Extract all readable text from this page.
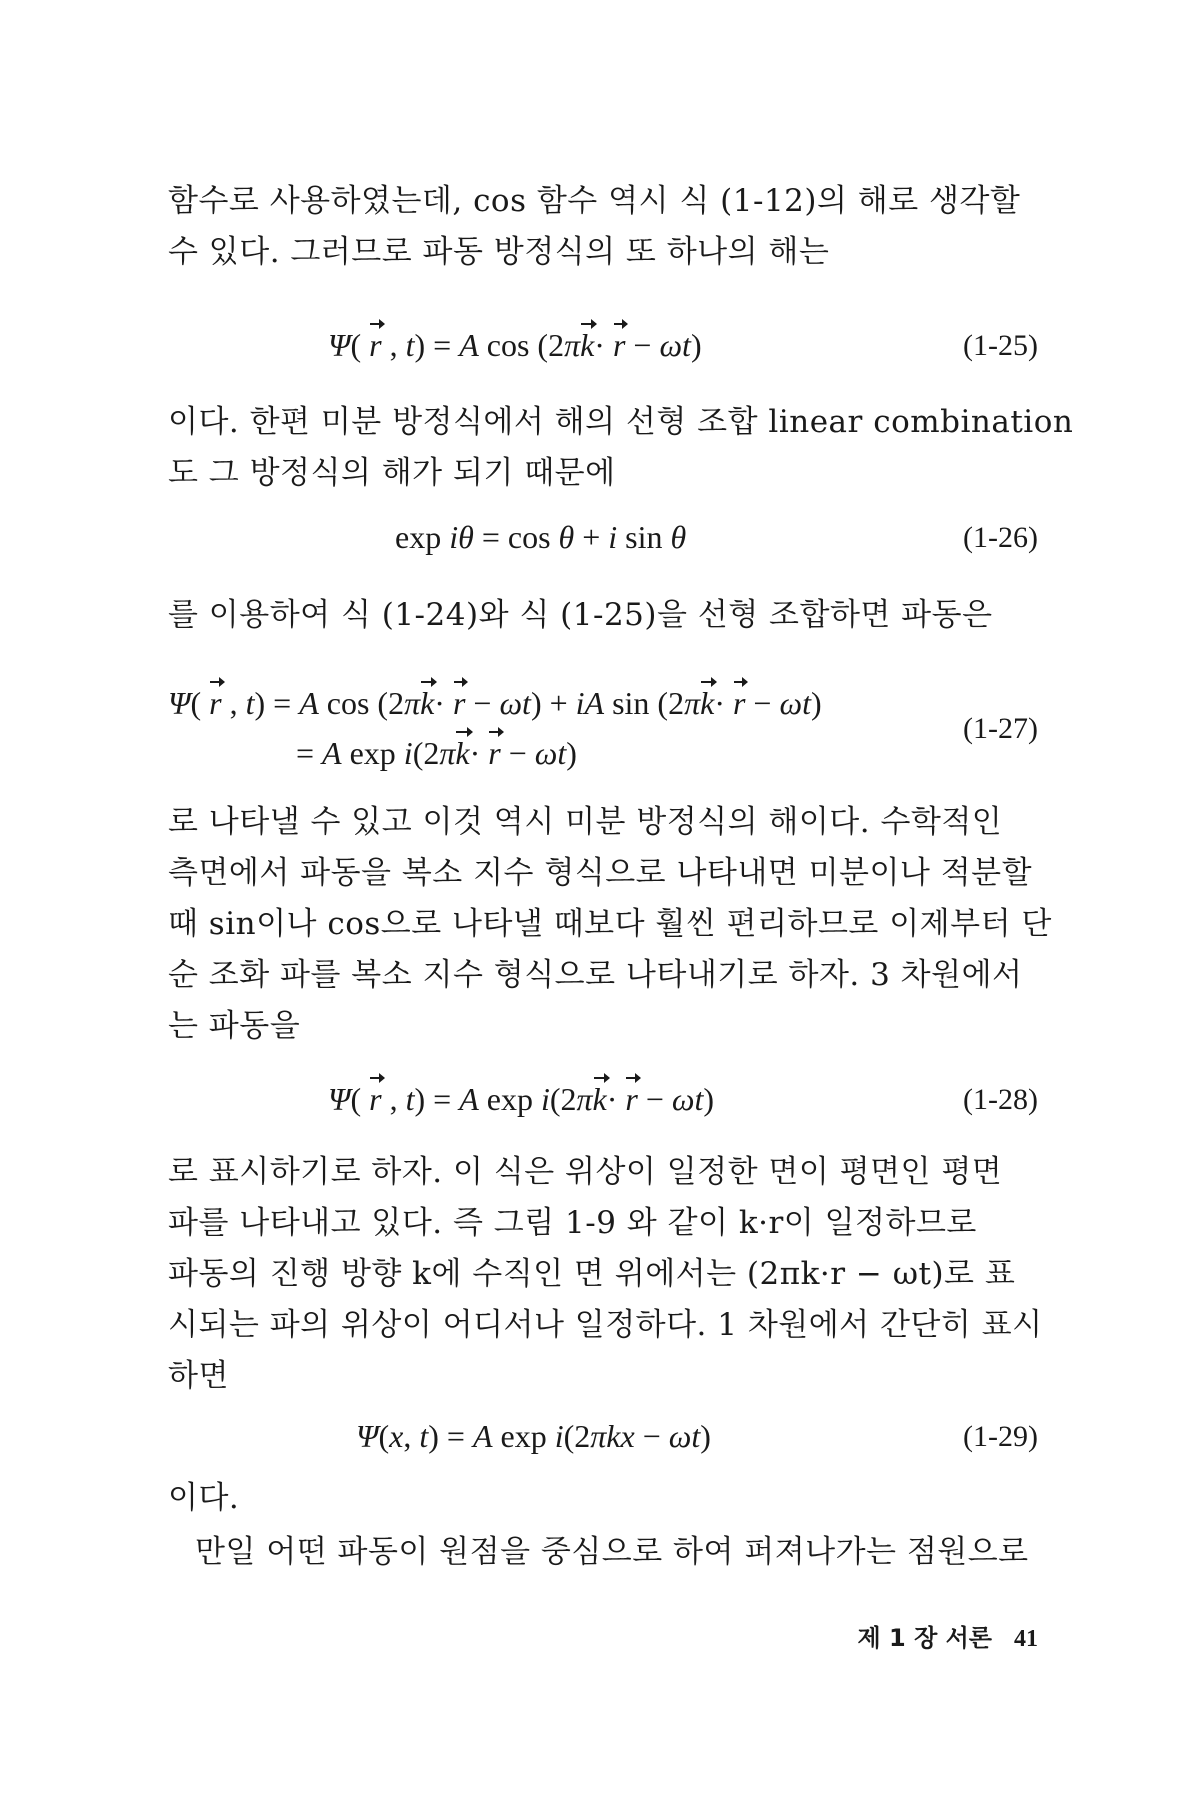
함수로 사용하였는데, cos 함수 역시 식 (1-12)의 해로 생각할
수 있다. 그러므로 파동 방정식의 또 하나의 해는
Ψ( r , t) = A cos (2πk· r − ωt)	(1-25)
이다. 한편 미분 방정식에서 해의 선형 조합 linear combination
도 그 방정식의 해가 되기 때문에
exp iθ = cos θ + i sin θ	(1-26)
를 이용하여 식 (1-24)와 식 (1-25)을 선형 조합하면 파동은
Ψ( r , t) = A cos (2πk· r − ωt) + iA sin (2πk· r − ωt)
= A exp i(2πk· r − ωt)
(1-27)
로 나타낼 수 있고 이것 역시 미분 방정식의 해이다. 수학적인
측면에서 파동을 복소 지수 형식으로 나타내면 미분이나 적분할
때 sin이나 cos으로 나타낼 때보다 훨씬 편리하므로 이제부터 단
순 조화 파를 복소 지수 형식으로 나타내기로 하자. 3 차원에서
는 파동을
Ψ( r , t) = A exp i(2πk· r − ωt)	(1-28)
로 표시하기로 하자. 이 식은 위상이 일정한 면이 평면인 평면
파를 나타내고 있다. 즉 그림 1-9 와 같이 k·r이 일정하므로
파동의 진행 방향 k에 수직인 면 위에서는 (2πk·r − ωt)로 표
시되는 파의 위상이 어디서나 일정하다. 1 차원에서 간단히 표시
하면
Ψ(x, t) = A exp i(2πkx − ωt)	(1-29)
이다.
만일 어떤 파동이 원점을 중심으로 하여 퍼져나가는 점원으로
제 1 장 서론 41
